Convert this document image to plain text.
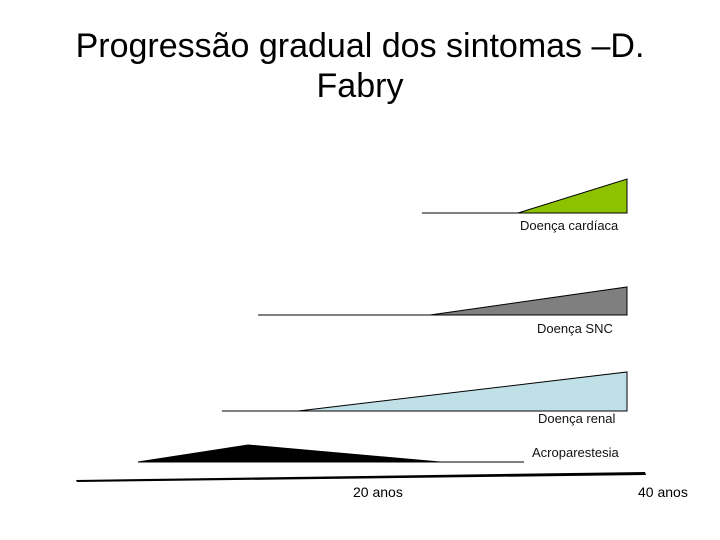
Progressão gradual dos sintomas –D.
Fabry
Doença cardíaca
Doença SNC
Doença renal
Acroparestesia
20 anos	40 anos
